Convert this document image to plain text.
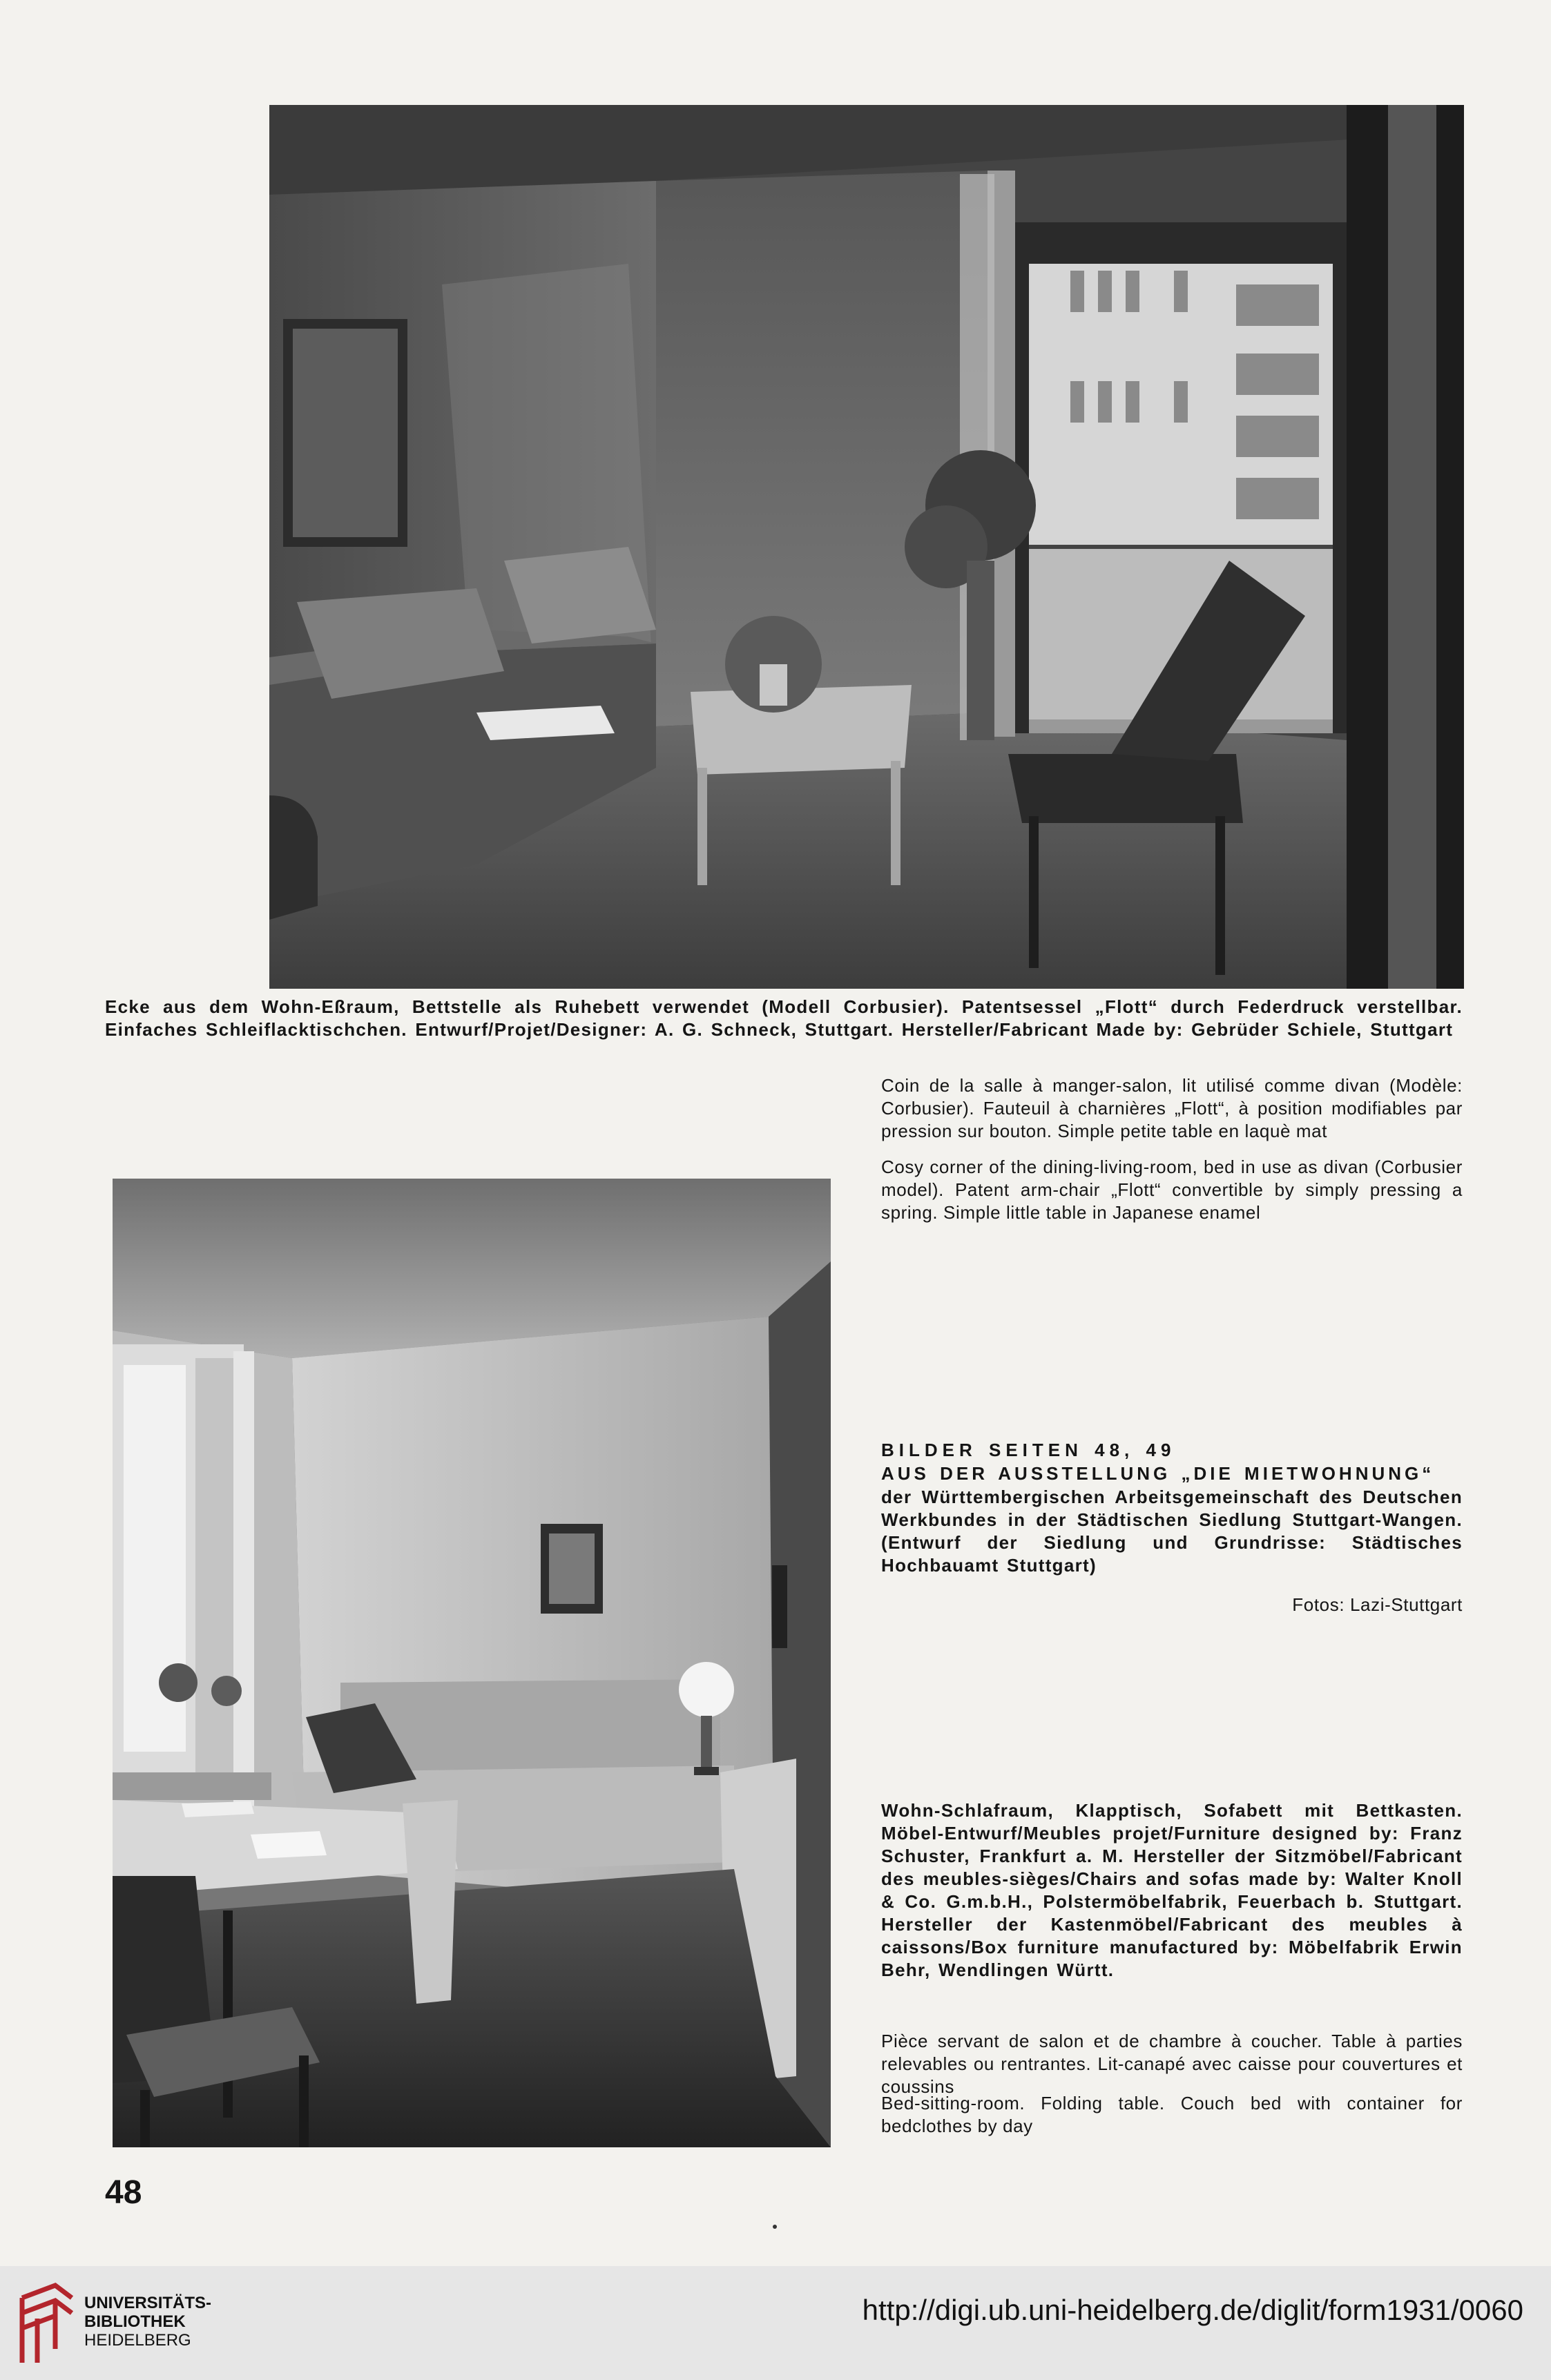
Ecke aus dem Wohn-Eßraum, Bettstelle als Ruhebett verwendet (Modell Corbusier). Patentsessel „Flott“ durch Federdruck verstellbar. Einfaches Schleiflacktischchen. Entwurf/Projet/Designer: A. G. Schneck, Stuttgart. Hersteller/Fabricant Made by: Gebrüder Schiele, Stuttgart

Coin de la salle à manger-salon, lit utilisé comme divan (Modèle: Corbusier). Fauteuil à charnières „Flott“, à position modifiables par pression sur bouton. Simple petite table en laquè mat

Cosy corner of the dining-living-room, bed in use as divan (Corbusier model). Patent arm-chair „Flott“ convertible by simply pressing a spring. Simple little table in Japanese enamel

BILDER SEITEN 48, 49

AUS DER AUSSTELLUNG „DIE MIETWOHNUNG“

der Württembergischen Arbeitsgemeinschaft des Deutschen Werkbundes in der Städtischen Siedlung Stuttgart-Wangen. (Entwurf der Siedlung und Grundrisse: Städtisches Hochbauamt Stuttgart)

Fotos: Lazi-Stuttgart

Wohn-Schlafraum, Klapptisch, Sofabett mit Bettkasten. Möbel-Entwurf/Meubles projet/Furniture designed by: Franz Schuster, Frankfurt a. M. Hersteller der Sitzmöbel/Fabricant des meubles-sièges/Chairs and sofas made by: Walter Knoll & Co. G.m.b.H., Polstermöbelfabrik, Feuerbach b. Stuttgart. Hersteller der Kastenmöbel/Fabricant des meubles à caissons/Box furniture manufactured by: Möbelfabrik Erwin Behr, Wendlingen Württ.

Pièce servant de salon et de chambre à coucher. Table à parties relevables ou rentrantes. Lit-canapé avec caisse pour couvertures et coussins

Bed-sitting-room. Folding table. Couch bed with container for bedclothes by day

48

UNIVERSITÄTS-
BIBLIOTHEK
HEIDELBERG
http://digi.ub.uni-heidelberg.de/diglit/form1931/0060
